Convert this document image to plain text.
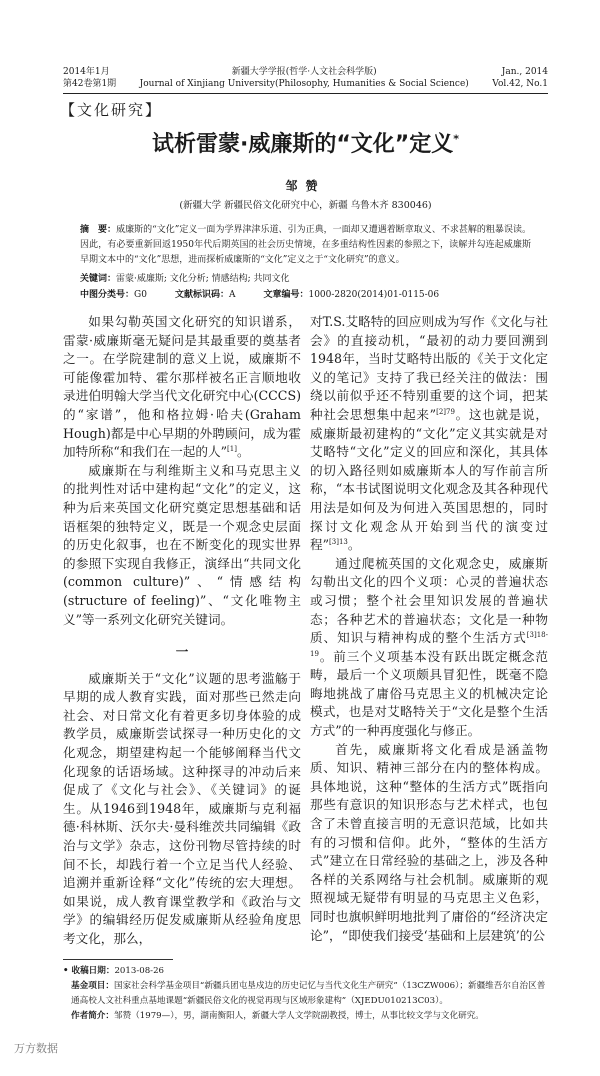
2014年1月
第42卷第1期
新疆大学学报(哲学·人文社会科学版)
Journal of Xinjiang University(Philosophy, Humanities & Social Science)
Jan., 2014
Vol.42, No.1
【文化研究】
试析雷蒙·威廉斯的“文化”定义*
邹赞
(新疆大学 新疆民俗文化研究中心，新疆 乌鲁木齐 830046)
摘　要：威廉斯的“文化”定义一面为学界津津乐道、引为正典，一面却又遭遇着断章取义、不求甚解的粗暴误读。因此，有必要重新回返1950年代后期英国的社会历史情境，在多重结构性因素的参照之下，读解并勾连起威廉斯早期文本中的“文化”思想，进而探析威廉斯的“文化”定义之于“文化研究”的意义。
关键词：雷蒙·威廉斯; 文化分析; 情感结构; 共同文化
中图分类号：G0	文献标识码：A	文章编号：1000-2820(2014)01-0115-06

如果勾勒英国文化研究的知识谱系，雷蒙·威廉斯毫无疑问是其最重要的奠基者之一。在学院建制的意义上说，威廉斯不可能像霍加特、霍尔那样被名正言顺地收录进伯明翰大学当代文化研究中心(CCCS)的“家谱”，他和格拉姆·哈夫(Graham Hough)都是中心早期的外聘顾问，成为霍加特所称“和我们在一起的人”[1]。

威廉斯在与利维斯主义和马克思主义的批判性对话中建构起“文化”的定义，这种为后来英国文化研究奠定思想基础和话语框架的独特定义，既是一个观念史层面的历史化叙事，也在不断变化的现实世界的参照下实现自我修正，演绎出“共同文化(common culture)”、“情感结构(structure of feeling)”、“文化唯物主义”等一系列文化研究关键词。

一

威廉斯关于“文化”议题的思考滥觞于早期的成人教育实践，面对那些已然走向社会、对日常文化有着更多切身体验的成教学员，威廉斯尝试探寻一种历史化的文化观念，期望建构起一个能够阐释当代文化现象的话语场域。这种探寻的冲动后来促成了《文化与社会》、《关键词》的诞生。从1946到1948年，威廉斯与克利福德·科林斯、沃尔夫·曼科维茨共同编辑《政治与文学》杂志，这份刊物尽管持续的时间不长，却践行着一个立足当代人经验、追溯并重新诠释“文化”传统的宏大理想。如果说，成人教育课堂教学和《政治与文学》的编辑经历促发威廉斯从经验角度思考文化，那么，

对T.S.艾略特的回应则成为写作《文化与社会》的直接动机，“最初的动力要回溯到1948年，当时艾略特出版的《关于文化定义的笔记》支持了我已经关注的做法：围绕以前似乎还不特别重要的这个词，把某种社会思想集中起来”$^{[2]79}$。这也就是说，威廉斯最初建构的“文化”定义其实就是对艾略特“文化”定义的回应和深化，其具体的切入路径则如威廉斯本人的写作前言所称，“本书试图说明文化观念及其各种现代用法是如何及为何进入英国思想的，同时探讨文化观念从开始到当代的演变过程”$^{[3]13}$。

通过爬梳英国的文化观念史，威廉斯勾勒出文化的四个义项：心灵的普遍状态或习惯；整个社会里知识发展的普遍状态；各种艺术的普遍状态；文化是一种物质、知识与精神构成的整个生活方式$^{[3]18-19}$。前三个义项基本没有跃出既定概念范畴，最后一个义项颇具冒犯性，既毫不隐晦地挑战了庸俗马克思主义的机械决定论模式，也是对艾略特关于“文化是整个生活方式”的一种再度强化与修正。

首先，威廉斯将文化看成是涵盖物质、知识、精神三部分在内的整体构成。具体地说，这种“整体的生活方式”既指向那些有意识的知识形态与艺术样式，也包含了未曾直接言明的无意识范域，比如共有的习惯和信仰。此外，“整体的生活方式”建立在日常经验的基础之上，涉及各种各样的关系网络与社会机制。威廉斯的观照视域无疑带有明显的马克思主义色彩，同时也旗帜鲜明地批判了庸俗的“经济决定论”，“即使我们接受‘基础和上层建筑’的公

• 收稿日期：2013-08-26

基金项目：国家社会科学基金项目“新疆兵团屯垦戍边的历史记忆与当代文化生产研究”（13CZW006）；新疆维吾尔自治区普通高校人文社科重点基地课题“新疆民俗文化的视觉再现与区域形象建构”（XJEDU010213C03）。

作者简介：邹赞（1979—），男，湖南衡阳人，新疆大学人文学院副教授，博士，从事比较文学与文化研究。

万方数据
